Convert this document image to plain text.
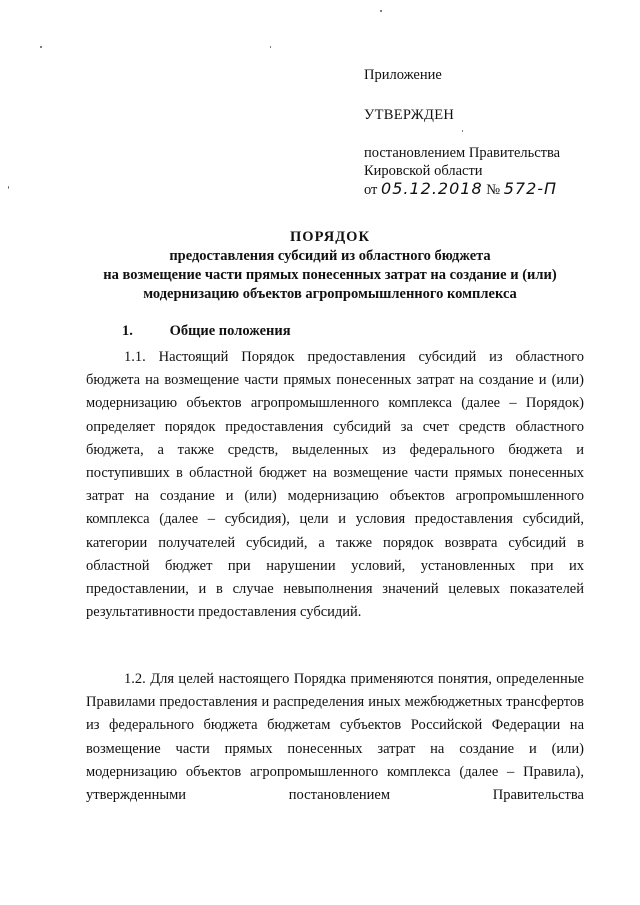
Приложение
УТВЕРЖДЕН
постановлением Правительства
Кировской области
от 05.12.2018 № 572-П
ПОРЯДОК
предоставления субсидий из областного бюджета
на возмещение части прямых понесенных затрат на создание и (или)
модернизацию объектов агропромышленного комплекса
1.	Общие положения

1.1. Настоящий Порядок предоставления субсидий из областного бюджета на возмещение части прямых понесенных затрат на создание и (или) модернизацию объектов агропромышленного комплекса (далее – Порядок) определяет порядок предоставления субсидий за счет средств областного бюджета, а также средств, выделенных из федерального бюджета и поступивших в областной бюджет на возмещение части прямых понесенных затрат на создание и (или) модернизацию объектов агропромышленного комплекса (далее – субсидия), цели и условия предоставления субсидий, категории получателей субсидий, а также порядок возврата субсидий в областной бюджет при нарушении условий, установленных при их предоставлении, и в случае невыполнения значений целевых показателей результативности предоставления субсидий.

1.2. Для целей настоящего Порядка применяются понятия, определенные Правилами предоставления и распределения иных межбюджетных трансфертов из федерального бюджета бюджетам субъектов Российской Федерации на возмещение части прямых понесенных затрат на создание и (или) модернизацию объектов агропромышленного комплекса (далее – Правила), утвержденными постановлением Правительства
